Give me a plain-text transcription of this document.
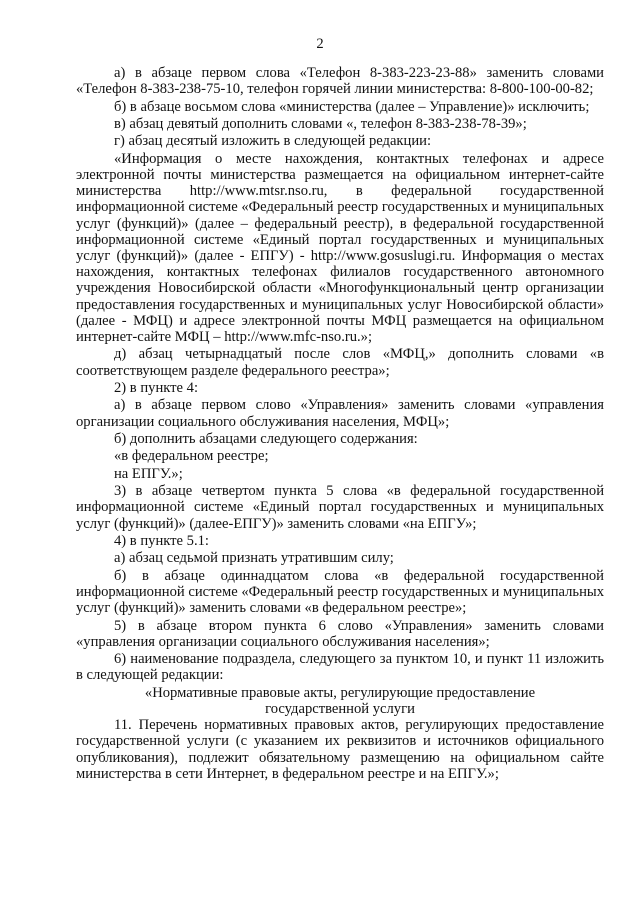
2

а) в абзаце первом слова «Телефон 8-383-223-23-88» заменить словами «Телефон 8-383-238-75-10, телефон горячей линии министерства: 8-800-100-00-82;

б) в абзаце восьмом слова «министерства (далее – Управление)» исключить;

в) абзац девятый дополнить словами «, телефон 8-383-238-78-39»;

г) абзац десятый изложить в следующей редакции:

«Информация о месте нахождения, контактных телефонах и адресе электронной почты министерства размещается на официальном интернет-сайте министерства http://www.mtsr.nso.ru, в федеральной государственной информационной системе «Федеральный реестр государственных и муниципальных услуг (функций)» (далее – федеральный реестр), в федеральной государственной информационной системе «Единый портал государственных и муниципальных услуг (функций)» (далее - ЕПГУ) - http://www.gosuslugi.ru. Информация о местах нахождения, контактных телефонах филиалов государственного автономного учреждения Новосибирской области «Многофункциональный центр организации предоставления государственных и муниципальных услуг Новосибирской области» (далее - МФЦ) и адресе электронной почты МФЦ размещается на официальном интернет-сайте МФЦ – http://www.mfc-nso.ru.»;

д) абзац четырнадцатый после слов «МФЦ,» дополнить словами «в соответствующем разделе федерального реестра»;

2) в пункте 4:

а) в абзаце первом слово «Управления» заменить словами «управления организации социального обслуживания населения, МФЦ»;

б) дополнить абзацами следующего содержания:

«в федеральном реестре;

на ЕПГУ.»;

3) в абзаце четвертом пункта 5 слова «в федеральной государственной информационной системе «Единый портал государственных и муниципальных услуг (функций)» (далее-ЕПГУ)» заменить словами «на ЕПГУ»;

4) в пункте 5.1:

а) абзац седьмой признать утратившим силу;

б) в абзаце одиннадцатом слова «в федеральной государственной информационной системе «Федеральный реестр государственных и муниципальных услуг (функций)» заменить словами «в федеральном реестре»;

5) в абзаце втором пункта 6 слово «Управления» заменить словами «управления организации социального обслуживания населения»;

6) наименование подраздела, следующего за пунктом 10, и пункт 11 изложить в следующей редакции:

«Нормативные правовые акты, регулирующие предоставление

государственной услуги

11. Перечень нормативных правовых актов, регулирующих предоставление государственной услуги (с указанием их реквизитов и источников официального опубликования), подлежит обязательному размещению на официальном сайте министерства в сети Интернет, в федеральном реестре и на ЕПГУ.»;
